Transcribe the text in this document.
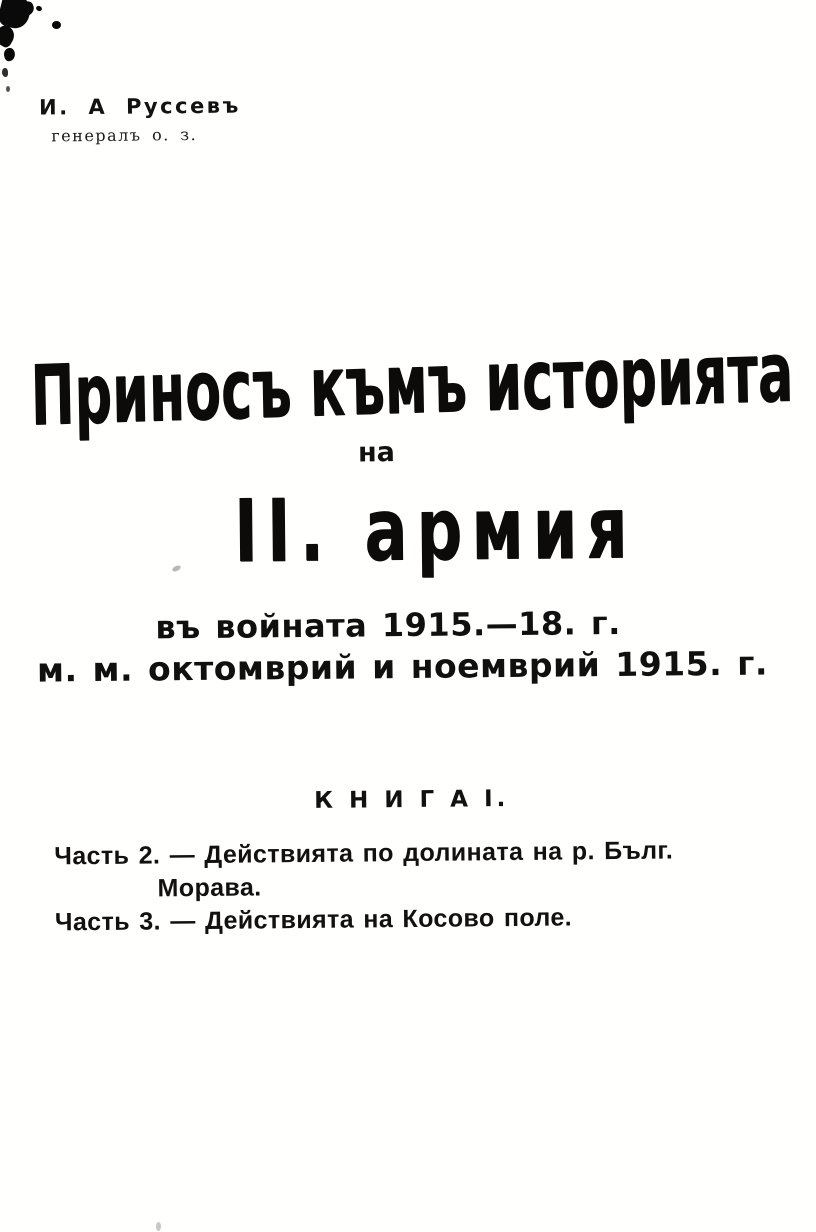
И. А Руссевъ
генералъ о. з.
Приносъ къмъ историята
на
II. армия
въ войната 1915.—18. г.
м. м. октомврий и ноемврий 1915. г.
К Н И Г А I.
Часть 2. — Действията по долината на р. Бълг.
Морава.
Часть 3. — Действията на Косово поле.
